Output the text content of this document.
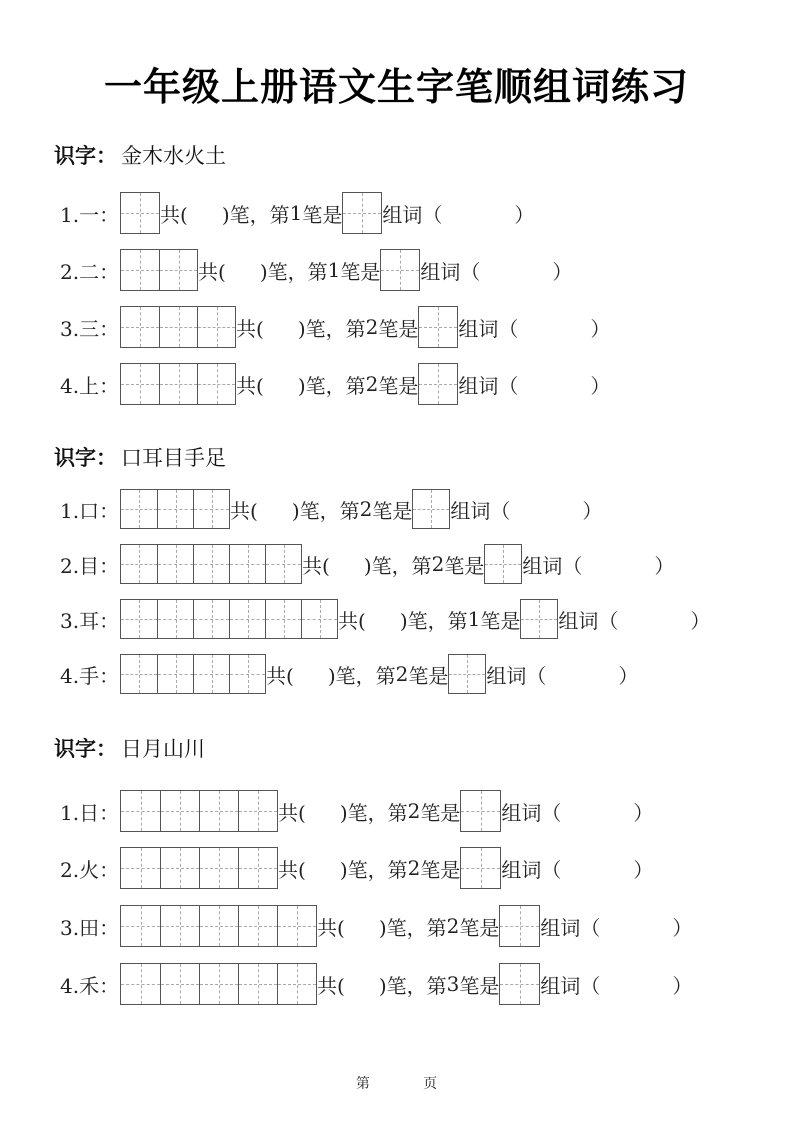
一年级上册语文生字笔顺组词练习
识字： 金木水火土
1.一： 共( )笔，第 1 笔是 组词（	）
2.二：	共( )笔，第 1 笔是 组词（	）
3.三：	共( )笔，第 2 笔是 组词（	）
4.上：	共( )笔，第 2 笔是 组词（	）
识字： 口耳目手足
1.口：	共( )笔，第 2 笔是 组词（	）
2.目：	共( )笔，第 2 笔是 组词（	）
3.耳：	共( )笔，第 1 笔是 组词（	）
4.手：	共( )笔，第 2 笔是 组词（	）
识字： 日月山川
1.日：	共( )笔，第 2 笔是 组词（	）
2.火：	共( )笔，第 2 笔是 组词（	）
3.田：	共( )笔，第 2 笔是 组词（	）
4.禾：	共( )笔，第 3 笔是 组词（	）
第	页
